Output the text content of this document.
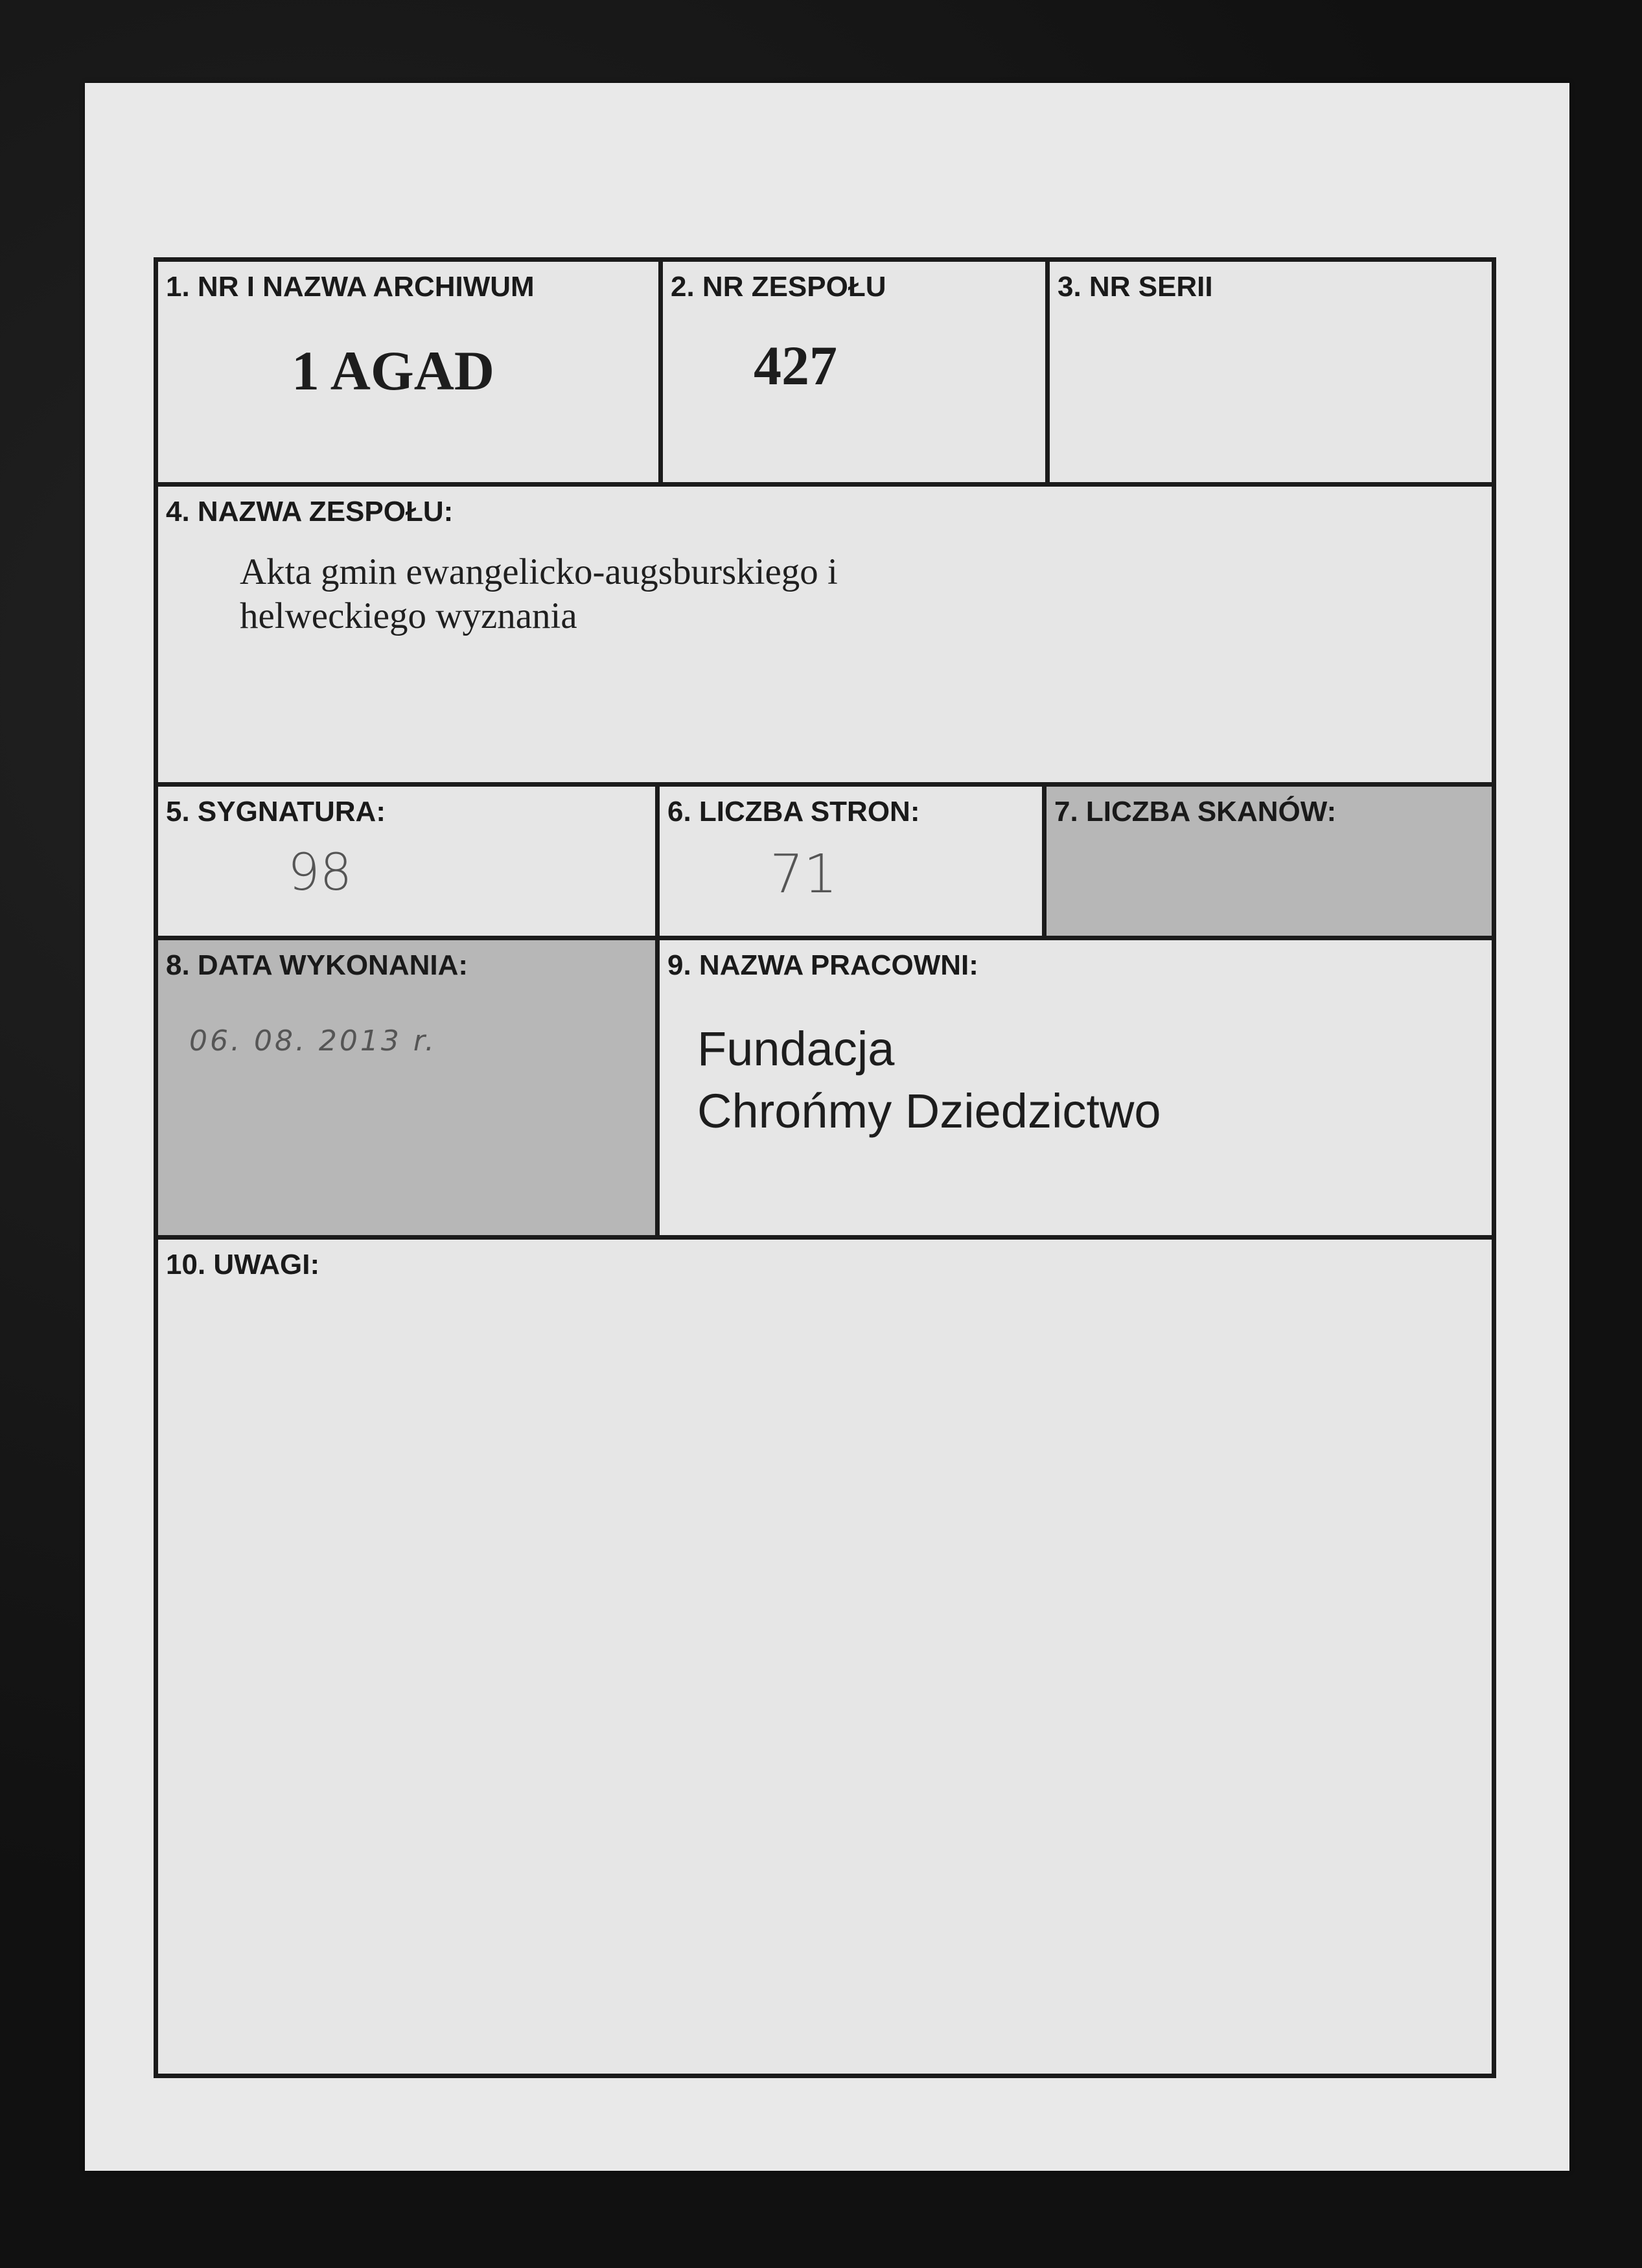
1. NR I NAZWA ARCHIWUM
1 AGAD
2. NR ZESPOŁU
427
3. NR SERII
4. NAZWA ZESPOŁU:
Akta gmin ewangelicko-augsburskiego i
helweckiego wyznania
5. SYGNATURA:
98
6. LICZBA STRON:
71
7. LICZBA SKANÓW:
8. DATA WYKONANIA:
06. 08. 2013 r.
9. NAZWA PRACOWNI:
Fundacja
Chrońmy Dziedzictwo
10. UWAGI:
